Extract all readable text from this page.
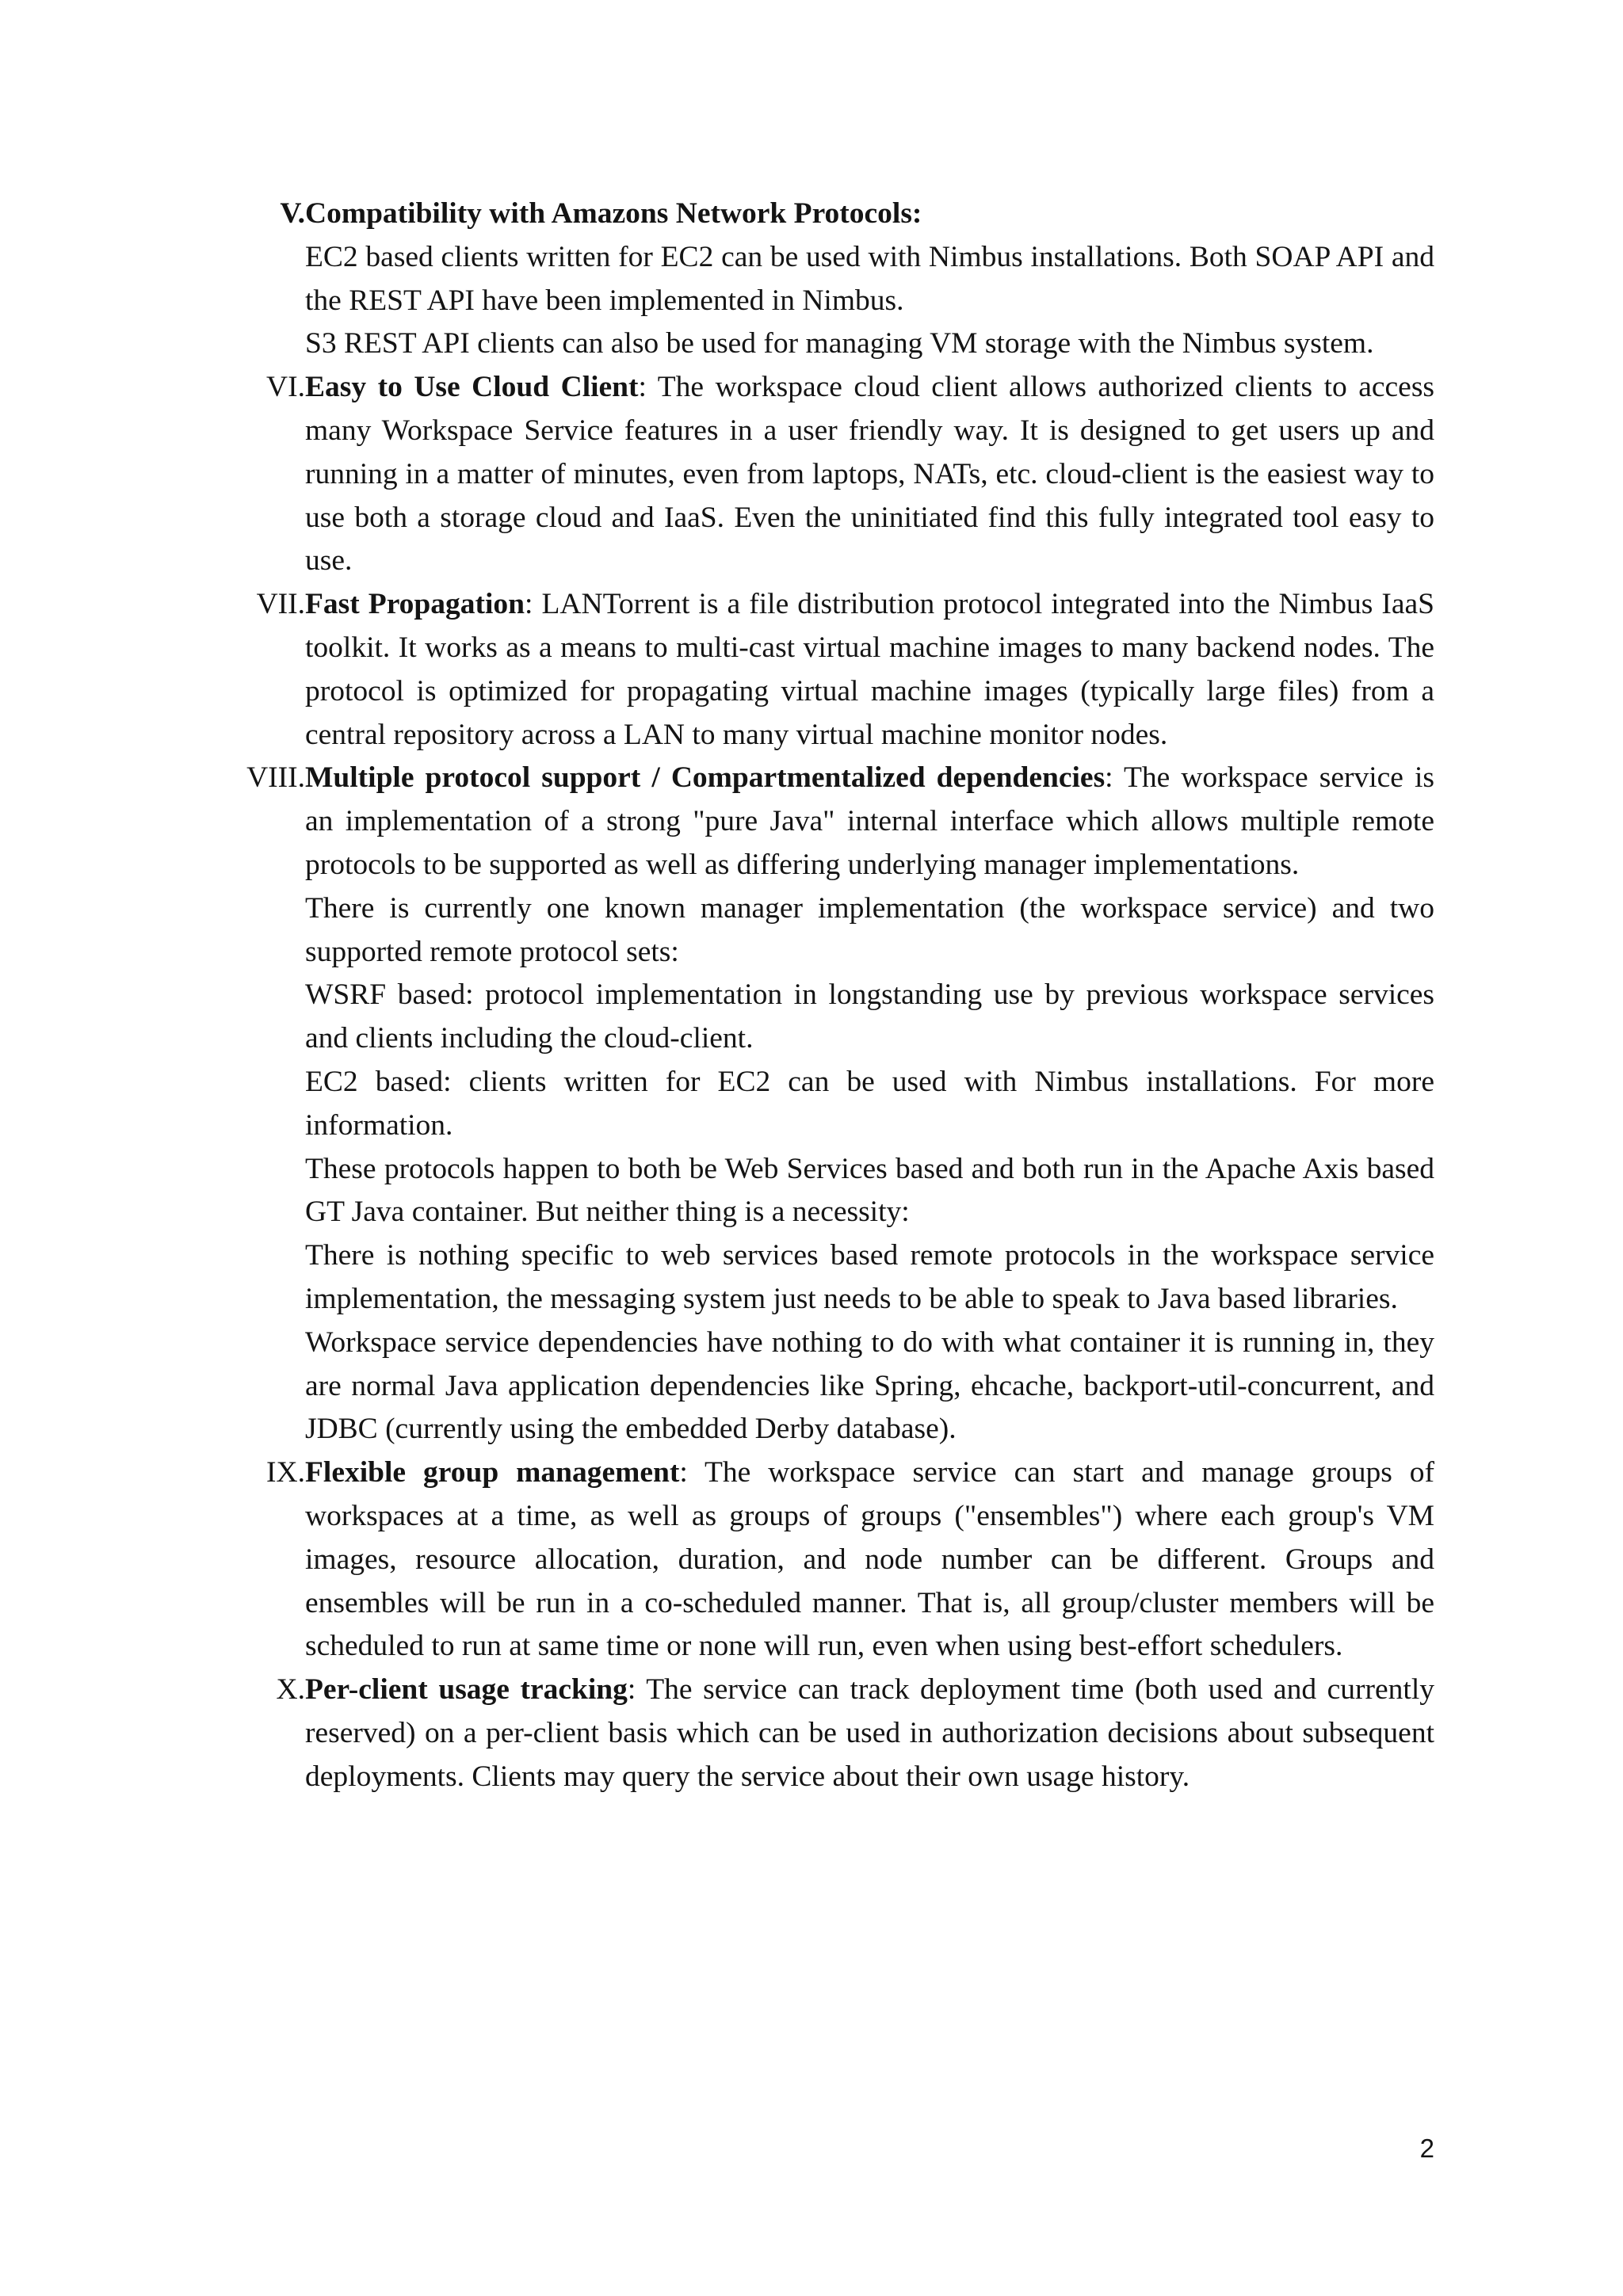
V. Compatibility with Amazons Network Protocols:

EC2 based clients written for EC2 can be used with Nimbus installations. Both SOAP API and the REST API have been implemented in Nimbus.

S3 REST API clients can also be used for managing VM storage with the Nimbus system.

VI. Easy to Use Cloud Client: The workspace cloud client allows authorized clients to access many Workspace Service features in a user friendly way. It is designed to get users up and running in a matter of minutes, even from laptops, NATs, etc. cloud-client is the easiest way to use both a storage cloud and IaaS. Even the uninitiated find this fully integrated tool easy to use.

VII. Fast Propagation: LANTorrent is a file distribution protocol integrated into the Nimbus IaaS toolkit. It works as a means to multi-cast virtual machine images to many backend nodes. The protocol is optimized for propagating virtual machine images (typically large files) from a central repository across a LAN to many virtual machine monitor nodes.

VIII. Multiple protocol support / Compartmentalized dependencies: The workspace service is an implementation of a strong "pure Java" internal interface which allows multiple remote protocols to be supported as well as differing underlying manager implementations.

There is currently one known manager implementation (the workspace service) and two supported remote protocol sets:

WSRF based: protocol implementation in longstanding use by previous workspace services and clients including the cloud-client.

EC2 based: clients written for EC2 can be used with Nimbus installations. For more information.

These protocols happen to both be Web Services based and both run in the Apache Axis based GT Java container. But neither thing is a necessity:

There is nothing specific to web services based remote protocols in the workspace service implementation, the messaging system just needs to be able to speak to Java based libraries.

Workspace service dependencies have nothing to do with what container it is running in, they are normal Java application dependencies like Spring, ehcache, backport-util-concurrent, and JDBC (currently using the embedded Derby database).

IX. Flexible group management: The workspace service can start and manage groups of workspaces at a time, as well as groups of groups ("ensembles") where each group's VM images, resource allocation, duration, and node number can be different. Groups and ensembles will be run in a co-scheduled manner. That is, all group/cluster members will be scheduled to run at same time or none will run, even when using best-effort schedulers.

X. Per-client usage tracking: The service can track deployment time (both used and currently reserved) on a per-client basis which can be used in authorization decisions about subsequent deployments. Clients may query the service about their own usage history.

2
